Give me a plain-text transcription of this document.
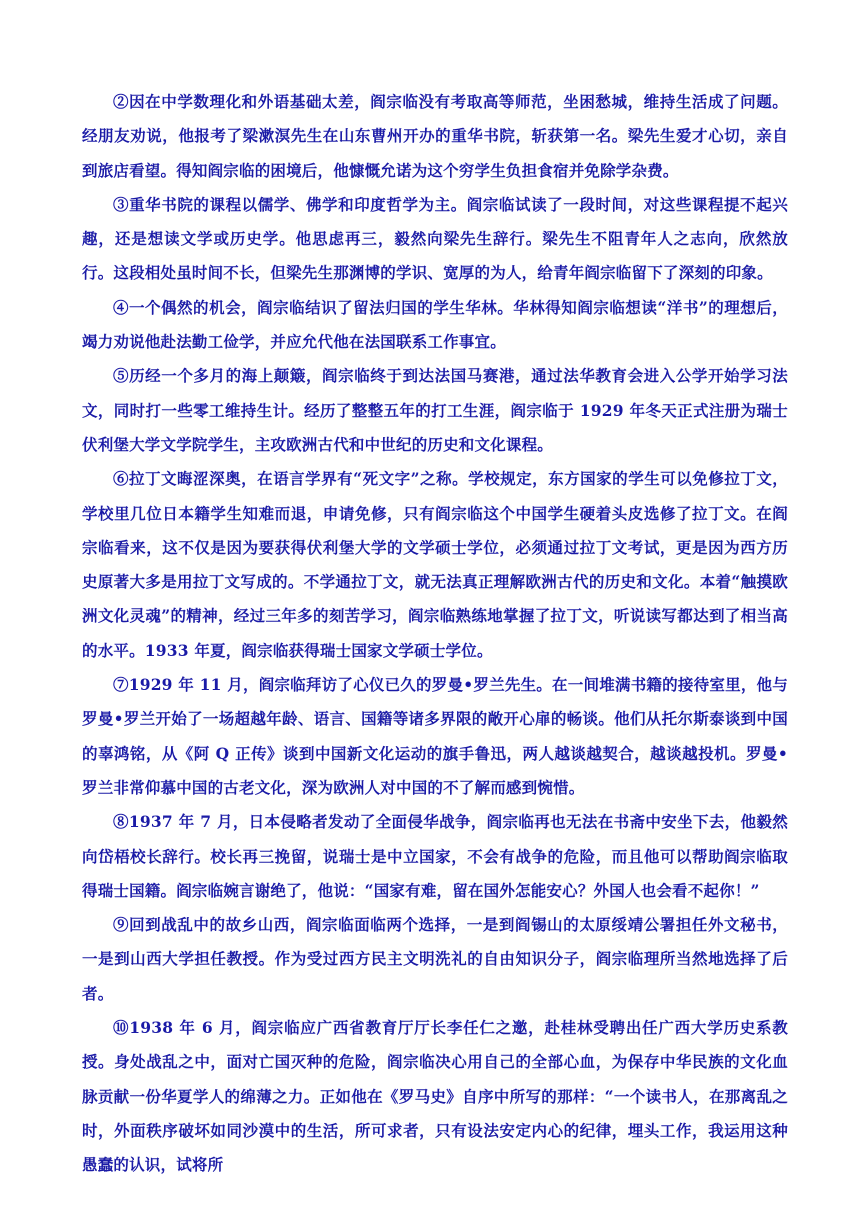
②因在中学数理化和外语基础太差，阎宗临没有考取高等师范，坐困愁城，维持生活成了问题。经朋友劝说，他报考了梁漱溟先生在山东曹州开办的重华书院，斩获第一名。梁先生爱才心切，亲自到旅店看望。得知阎宗临的困境后，他慷慨允诺为这个穷学生负担食宿并免除学杂费。

③重华书院的课程以儒学、佛学和印度哲学为主。阎宗临试读了一段时间，对这些课程提不起兴趣，还是想读文学或历史学。他思虑再三，毅然向梁先生辞行。梁先生不阻青年人之志向，欣然放行。这段相处虽时间不长，但梁先生那渊博的学识、宽厚的为人，给青年阎宗临留下了深刻的印象。

④一个偶然的机会，阎宗临结识了留法归国的学生华林。华林得知阎宗临想读“洋书”的理想后，竭力劝说他赴法勤工俭学，并应允代他在法国联系工作事宜。

⑤历经一个多月的海上颠簸，阎宗临终于到达法国马赛港，通过法华教育会进入公学开始学习法文，同时打一些零工维持生计。经历了整整五年的打工生涯，阎宗临于 1929 年冬天正式注册为瑞士伏利堡大学文学院学生，主攻欧洲古代和中世纪的历史和文化课程。

⑥拉丁文晦涩深奥，在语言学界有“死文字”之称。学校规定，东方国家的学生可以免修拉丁文，学校里几位日本籍学生知难而退，申请免修，只有阎宗临这个中国学生硬着头皮选修了拉丁文。在阎宗临看来，这不仅是因为要获得伏利堡大学的文学硕士学位，必须通过拉丁文考试，更是因为西方历史原著大多是用拉丁文写成的。不学通拉丁文，就无法真正理解欧洲古代的历史和文化。本着“触摸欧洲文化灵魂”的精神，经过三年多的刻苦学习，阎宗临熟练地掌握了拉丁文，听说读写都达到了相当高的水平。1933 年夏，阎宗临获得瑞士国家文学硕士学位。

⑦1929 年 11 月，阎宗临拜访了心仪已久的罗曼•罗兰先生。在一间堆满书籍的接待室里，他与罗曼•罗兰开始了一场超越年龄、语言、国籍等诸多界限的敞开心扉的畅谈。他们从托尔斯泰谈到中国的辜鸿铭，从《阿 Q 正传》谈到中国新文化运动的旗手鲁迅，两人越谈越契合，越谈越投机。罗曼•罗兰非常仰慕中国的古老文化，深为欧洲人对中国的不了解而感到惋惜。

⑧1937 年 7 月，日本侵略者发动了全面侵华战争，阎宗临再也无法在书斋中安坐下去，他毅然向岱梧校长辞行。校长再三挽留，说瑞士是中立国家，不会有战争的危险，而且他可以帮助阎宗临取得瑞士国籍。阎宗临婉言谢绝了，他说：“国家有难，留在国外怎能安心？外国人也会看不起你！”

⑨回到战乱中的故乡山西，阎宗临面临两个选择，一是到阎锡山的太原绥靖公署担任外文秘书，一是到山西大学担任教授。作为受过西方民主文明洗礼的自由知识分子，阎宗临理所当然地选择了后者。

⑩1938 年 6 月，阎宗临应广西省教育厅厅长李任仁之邀，赴桂林受聘出任广西大学历史系教授。身处战乱之中，面对亡国灭种的危险，阎宗临决心用自己的全部心血，为保存中华民族的文化血脉贡献一份华夏学人的绵薄之力。正如他在《罗马史》自序中所写的那样：“一个读书人，在那离乱之时，外面秩序破坏如同沙漠中的生活，所可求者，只有设法安定内心的纪律，埋头工作，我运用这种愚蠢的认识，试将所
